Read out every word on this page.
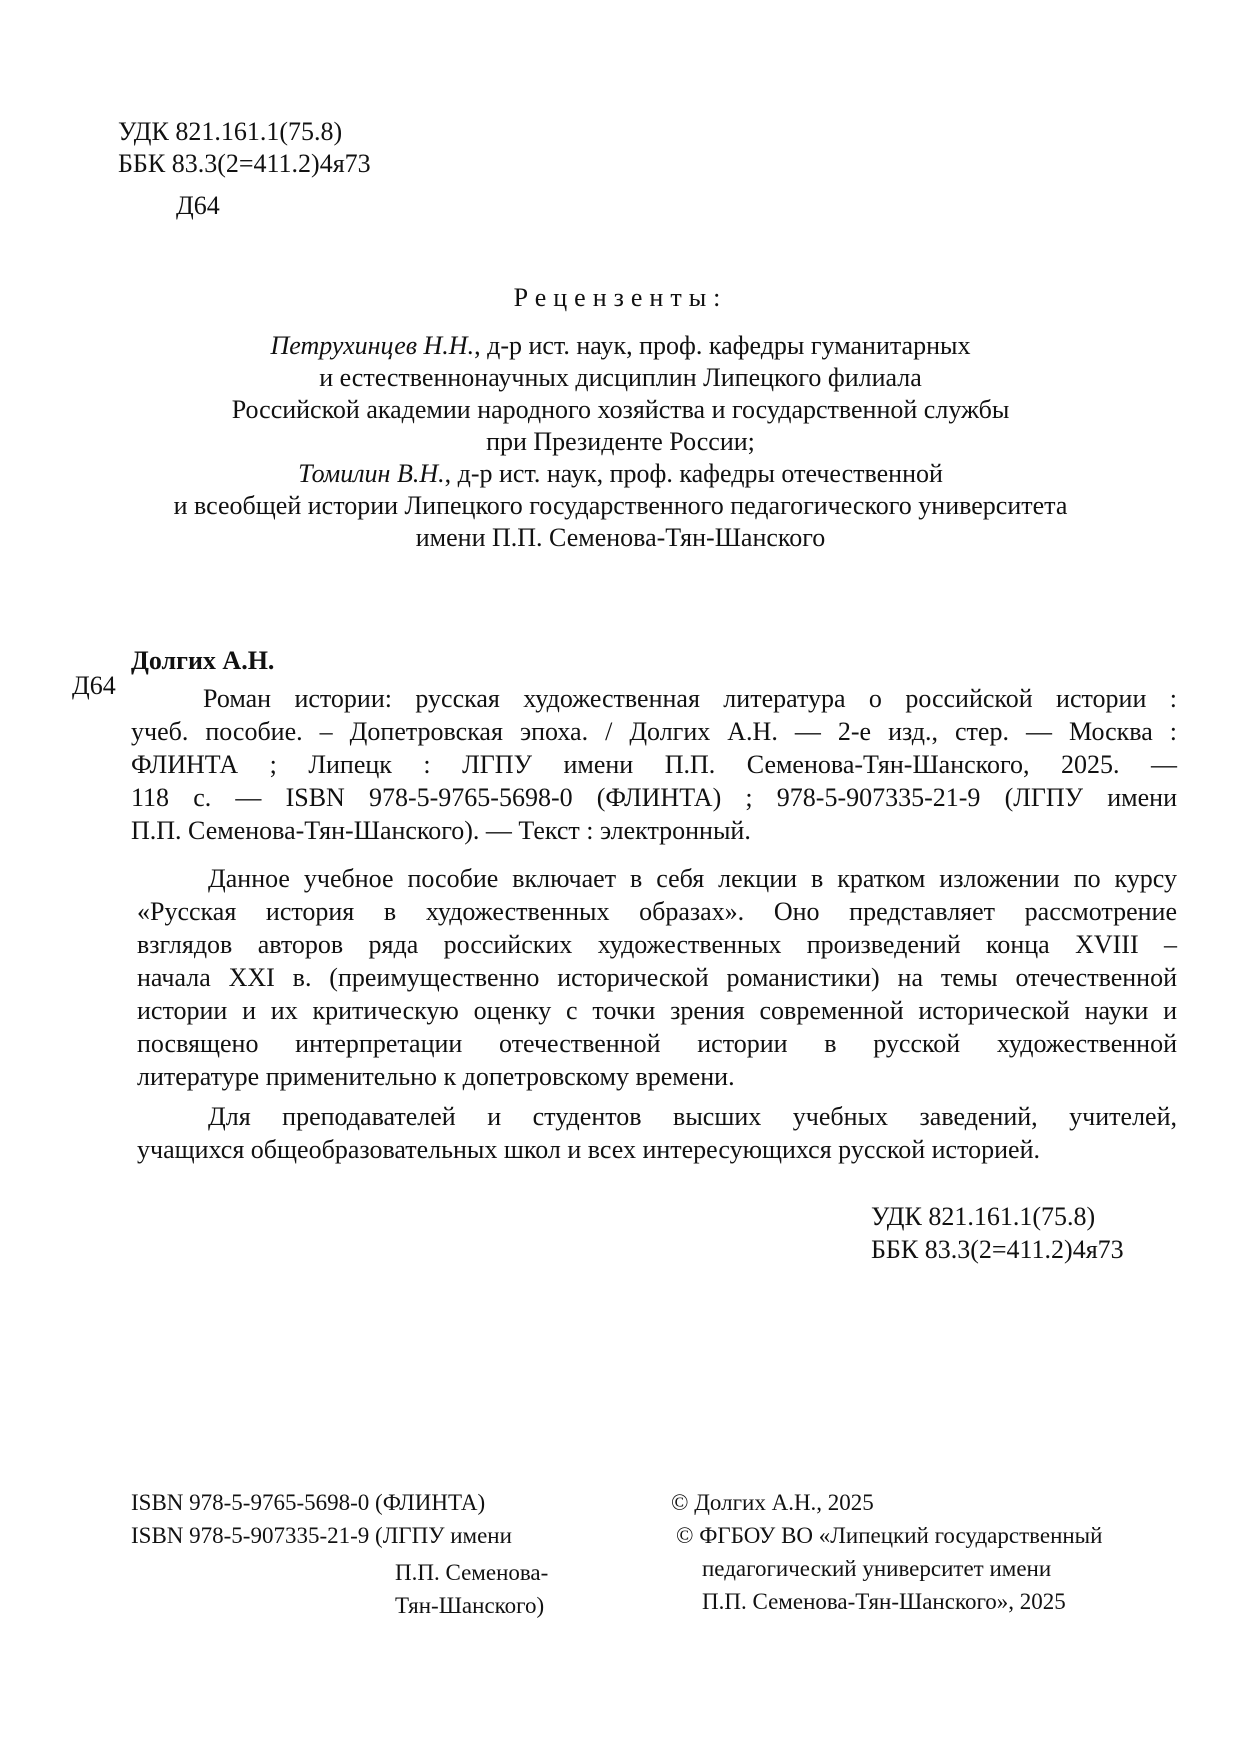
УДК 821.161.1(75.8)
ББК 83.3(2=411.2)4я73
Д64
Рецензенты:
Петрухинцев Н.Н., д-р ист. наук, проф. кафедры гуманитарных
и естественнонаучных дисциплин Липецкого филиала
Российской академии народного хозяйства и государственной службы
при Президенте России;
Томилин В.Н., д-р ист. наук, проф. кафедры отечественной
и всеобщей истории Липецкого государственного педагогического университета
имени П.П. Семенова-Тян-Шанского
Долгих А.Н.
Д64	Роман истории: русская художественная литература о российской истории :
учеб. пособие. – Допетровская эпоха. / Долгих А.Н. — 2-е изд., стер. — Москва :
ФЛИНТА ; Липецк : ЛГПУ имени П.П. Семенова-Тян-Шанского, 2025. —
118 с. — ISBN 978-5-9765-5698-0 (ФЛИНТА) ; 978-5-907335-21-9 (ЛГПУ имени
П.П. Семенова-Тян-Шанского). — Текст : электронный.
Данное учебное пособие включает в себя лекции в кратком изложении по курсу
«Русская история в художественных образах». Оно представляет рассмотрение
взглядов авторов ряда российских художественных произведений конца XVIII –
начала XXI в. (преимущественно исторической романистики) на темы отечественной
истории и их критическую оценку с точки зрения современной исторической науки и
посвящено интерпретации отечественной истории в русской художественной
литературе применительно к допетровскому времени.
Для преподавателей и студентов высших учебных заведений, учителей,
учащихся общеобразовательных школ и всех интересующихся русской историей.
УДК 821.161.1(75.8)
ББК 83.3(2=411.2)4я73
ISBN 978-5-9765-5698-0 (ФЛИНТА)
ISBN 978-5-907335-21-9 (ЛГПУ имени
П.П. Семенова-
Тян-Шанского)
© Долгих А.Н., 2025
© ФГБОУ ВО «Липецкий государственный
педагогический университет имени
П.П. Семенова-Тян-Шанского», 2025
